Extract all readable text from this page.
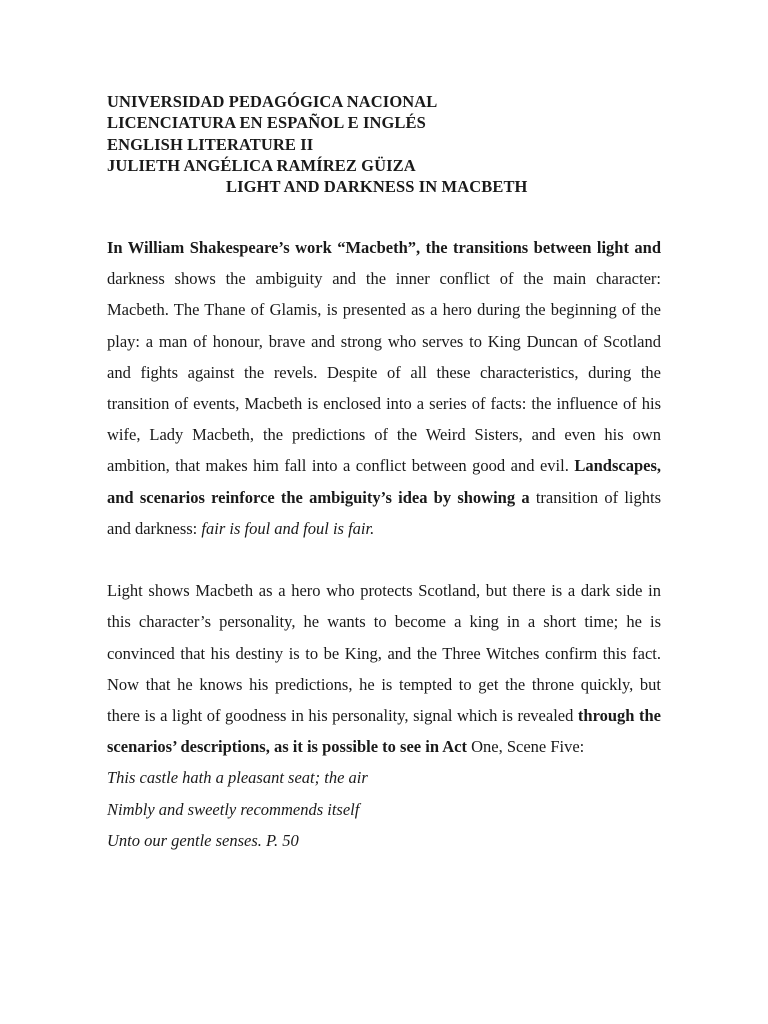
UNIVERSIDAD PEDAGÓGICA NACIONAL
LICENCIATURA EN ESPAÑOL E INGLÉS
ENGLISH LITERATURE II
JULIETH ANGÉLICA RAMÍREZ GÜIZA
LIGHT AND DARKNESS IN MACBETH

In William Shakespeare’s work “Macbeth”, the transitions between light and darkness shows the ambiguity and the inner conflict of the main character: Macbeth. The Thane of Glamis, is presented as a hero during the beginning of the play: a man of honour, brave and strong who serves to King Duncan of Scotland and fights against the revels. Despite of all these characteristics, during the transition of events, Macbeth is enclosed into a series of facts: the influence of his wife, Lady Macbeth, the predictions of the Weird Sisters, and even his own ambition, that makes him fall into a conflict between good and evil. Landscapes, and scenarios reinforce the ambiguity’s idea by showing a transition of lights and darkness: fair is foul and foul is fair.

Light shows Macbeth as a hero who protects Scotland, but there is a dark side in this character’s personality, he wants to become a king in a short time; he is convinced that his destiny is to be King, and the Three Witches confirm this fact. Now that he knows his predictions, he is tempted to get the throne quickly, but there is a light of goodness in his personality, signal which is revealed through the scenarios’ descriptions, as it is possible to see in Act One, Scene Five:

This castle hath a pleasant seat; the air
Nimbly and sweetly recommends itself
Unto our gentle senses. P. 50
